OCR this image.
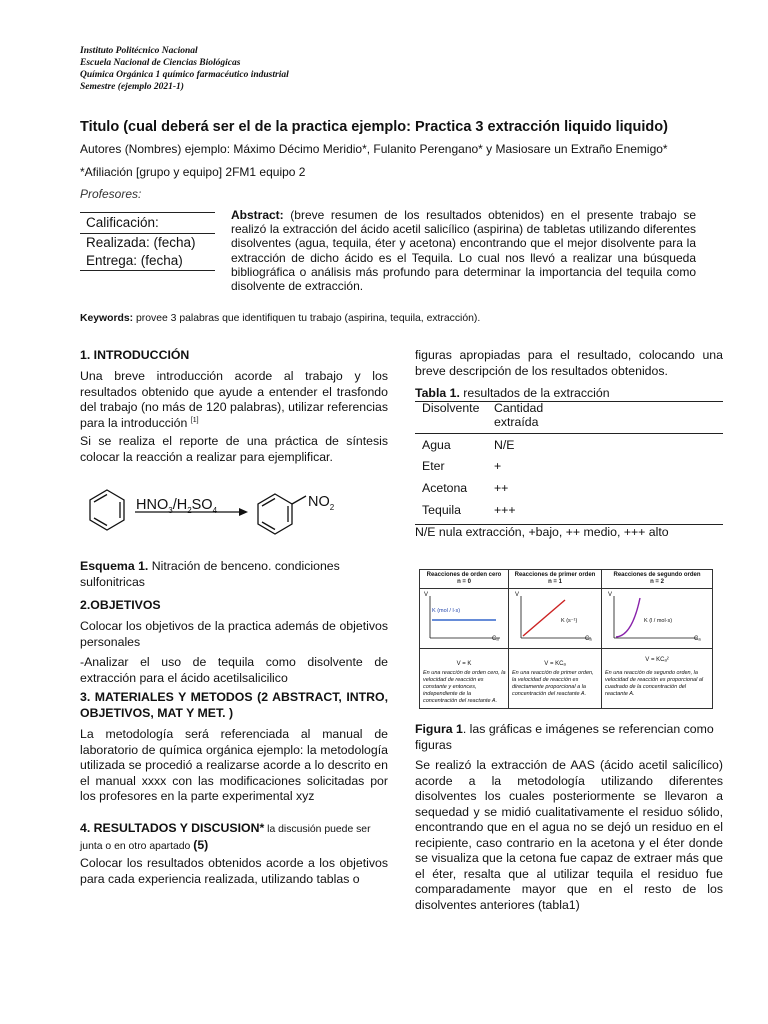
Instituto Politécnico Nacional
Escuela Nacional de Ciencias Biológicas
Química Orgánica 1 químico farmacéutico industrial
Semestre (ejemplo 2021-1)
Titulo (cual deberá ser el de la practica ejemplo: Practica 3 extracción liquido liquido)
Autores (Nombres) ejemplo: Máximo Décimo Meridio*, Fulanito Perengano* y Masiosare un Extraño Enemigo*
*Afiliación [grupo y equipo] 2FM1 equipo 2
Profesores:
Calificación:
Realizada: (fecha)
Entrega: (fecha)
Abstract: (breve resumen de los resultados obtenidos) en el presente trabajo se realizó la extracción del ácido acetil salicílico (aspirina) de tabletas utilizando diferentes disolventes (agua, tequila, éter y acetona) encontrando que el mejor disolvente para la extracción de dicho ácido es el Tequila. Lo cual nos llevó a realizar una búsqueda bibliográfica o análisis más profundo para determinar la importancia del tequila como disolvente de extracción.
Keywords: provee 3 palabras que identifiquen tu trabajo (aspirina, tequila, extracción).
1. INTRODUCCIÓN
Una breve introducción acorde al trabajo y los resultados obtenido que ayude a entender el trasfondo del trabajo (no más de 120 palabras), utilizar referencias para la introducción [1]
Si se realiza el reporte de una práctica de síntesis colocar la reacción a realizar para ejemplificar.
$HNO_3/H_2SO_4$
$NO_2$
Esquema 1. Nitración de benceno. condiciones sulfonitricas
2.OBJETIVOS
Colocar los objetivos de la practica además de objetivos personales
-Analizar el uso de tequila como disolvente de extracción para el ácido acetilsalicilico
3. MATERIALES Y METODOS (2 ABSTRACT, INTRO, OBJETIVOS, MAT Y MET. )
La metodología será referenciada al manual de laboratorio de química orgánica ejemplo: la metodología utilizada se procedió a realizarse acorde a lo descrito en el manual xxxx con las modificaciones solicitadas por los profesores en la parte experimental xyz
4. RESULTADOS Y DISCUSION* la discusión puede ser junta o en otro apartado (5)
Colocar los resultados obtenidos acorde a los objetivos para cada experiencia realizada, utilizando tablas o
figuras apropiadas para el resultado, colocando una breve descripción de los resultados obtenidos.
Tabla 1. resultados de la extracción
Disolvente Cantidad
extraída
Agua	N/E
Eter	+
Acetona ++
Tequila	+++
N/E nula extracción, +bajo, ++ medio, +++ alto
Reacciones de orden cero
n = 0
V
Cₐ
K (mol / l·s)
V = K
En una reacción de orden cero, la velocidad de reacción es constante y entonces, independiente de la concentración del reactante A.
Reacciones de primer orden
n = 1
V
Cₐ
K (s⁻¹)
V = KCₐ
En una reacción de primer orden, la velocidad de reacción es directamente proporcional a la concentración del reactante A.
Reacciones de segundo orden
n = 2
V
Cₐ
K (l / mol·s)
V = KCₐ²
En una reacción de segundo orden, la velocidad de reacción es proporcional al cuadrado de la concentración del reactante A.
Figura 1. las gráficas e imágenes se referencian como figuras
Se realizó la extracción de AAS (ácido acetil salicílico) acorde a la metodología utilizando diferentes disolventes los cuales posteriormente se llevaron a sequedad y se midió cualitativamente el residuo sólido, encontrando que en el agua no se dejó un residuo en el recipiente, caso contrario en la acetona y el éter donde se visualiza que la cetona fue capaz de extraer más que el éter, resalta que al utilizar tequila el residuo fue comparadamente mayor que en el resto de los disolventes anteriores (tabla1)
